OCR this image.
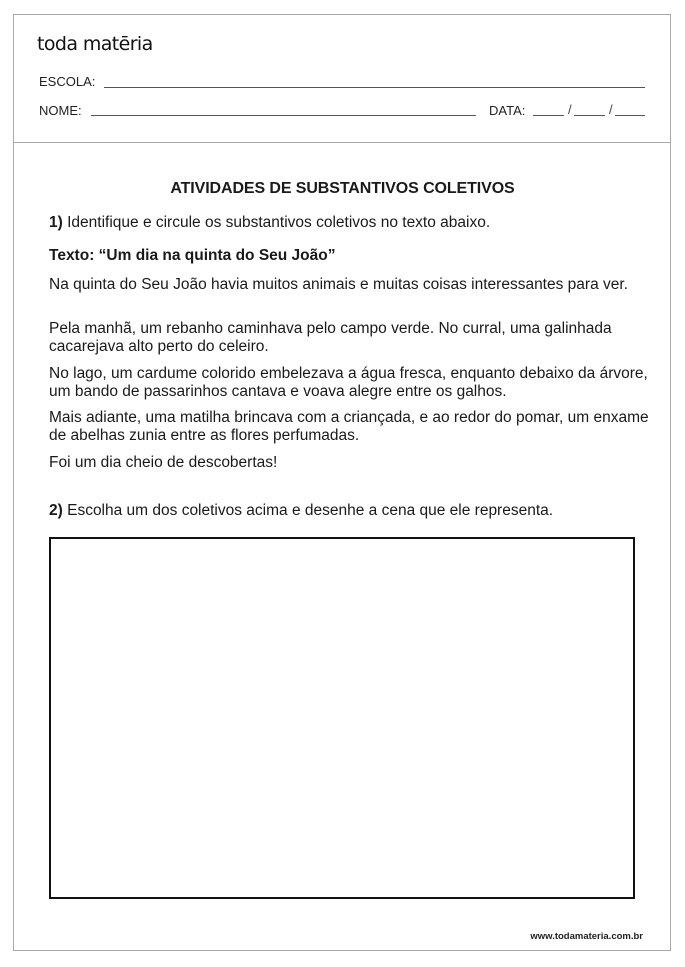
toda matēria
ESCOLA:
NOME:	DATA:	/	/
ATIVIDADES DE SUBSTANTIVOS COLETIVOS
1) Identifique e circule os substantivos coletivos no texto abaixo.
Texto: “Um dia na quinta do Seu João”
Na quinta do Seu João havia muitos animais e muitas coisas interessantes para ver.
Pela manhã, um rebanho caminhava pelo campo verde. No curral, uma galinhada cacarejava alto perto do celeiro.
No lago, um cardume colorido embelezava a água fresca, enquanto debaixo da árvore, um bando de passarinhos cantava e voava alegre entre os galhos.
Mais adiante, uma matilha brincava com a criançada, e ao redor do pomar, um enxame de abelhas zunia entre as flores perfumadas.
Foi um dia cheio de descobertas!
2) Escolha um dos coletivos acima e desenhe a cena que ele representa.
www.todamateria.com.br
